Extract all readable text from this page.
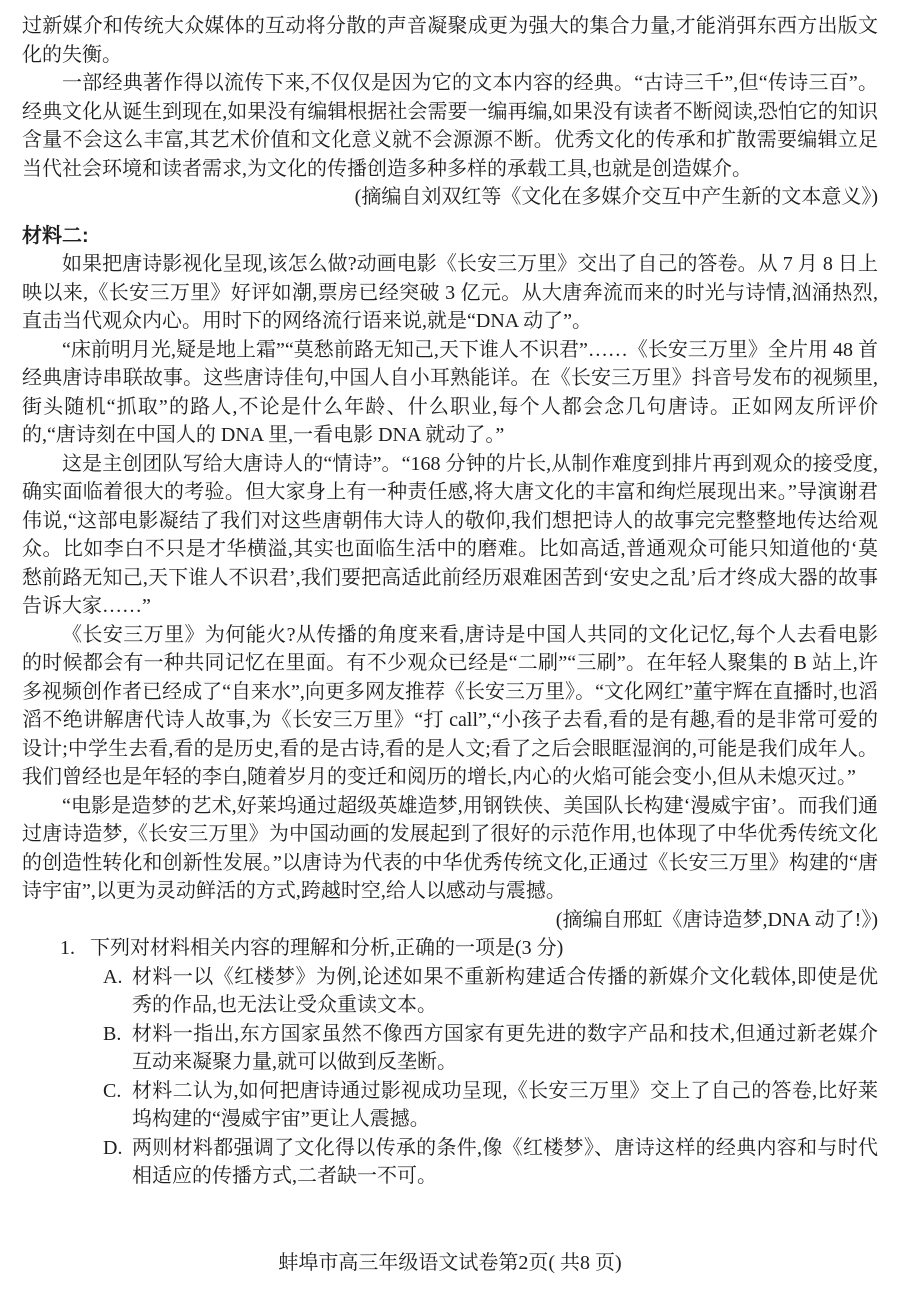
过新媒介和传统大众媒体的互动将分散的声音凝聚成更为强大的集合力量,才能消弭东西方出版文化的失衡。

一部经典著作得以流传下来,不仅仅是因为它的文本内容的经典。“古诗三千”,但“传诗三百”。经典文化从诞生到现在,如果没有编辑根据社会需要一编再编,如果没有读者不断阅读,恐怕它的知识含量不会这么丰富,其艺术价值和文化意义就不会源源不断。优秀文化的传承和扩散需要编辑立足当代社会环境和读者需求,为文化的传播创造多种多样的承载工具,也就是创造媒介。

(摘编自刘双红等《文化在多媒介交互中产生新的文本意义》)

材料二:

如果把唐诗影视化呈现,该怎么做?动画电影《长安三万里》交出了自己的答卷。从 7 月 8 日上映以来,《长安三万里》好评如潮,票房已经突破 3 亿元。从大唐奔流而来的时光与诗情,汹涌热烈,直击当代观众内心。用时下的网络流行语来说,就是“DNA 动了”。

“床前明月光,疑是地上霜”“莫愁前路无知己,天下谁人不识君”……《长安三万里》全片用 48 首经典唐诗串联故事。这些唐诗佳句,中国人自小耳熟能详。在《长安三万里》抖音号发布的视频里,街头随机“抓取”的路人,不论是什么年龄、什么职业,每个人都会念几句唐诗。正如网友所评价的,“唐诗刻在中国人的 DNA 里,一看电影 DNA 就动了。”

这是主创团队写给大唐诗人的“情诗”。“168 分钟的片长,从制作难度到排片再到观众的接受度,确实面临着很大的考验。但大家身上有一种责任感,将大唐文化的丰富和绚烂展现出来。”导演谢君伟说,“这部电影凝结了我们对这些唐朝伟大诗人的敬仰,我们想把诗人的故事完完整整地传达给观众。比如李白不只是才华横溢,其实也面临生活中的磨难。比如高适,普通观众可能只知道他的‘莫愁前路无知己,天下谁人不识君’,我们要把高适此前经历艰难困苦到‘安史之乱’后才终成大器的故事告诉大家……”

《长安三万里》为何能火?从传播的角度来看,唐诗是中国人共同的文化记忆,每个人去看电影的时候都会有一种共同记忆在里面。有不少观众已经是“二刷”“三刷”。在年轻人聚集的 B 站上,许多视频创作者已经成了“自来水”,向更多网友推荐《长安三万里》。“文化网红”董宇辉在直播时,也滔滔不绝讲解唐代诗人故事,为《长安三万里》“打 call”,“小孩子去看,看的是有趣,看的是非常可爱的设计;中学生去看,看的是历史,看的是古诗,看的是人文;看了之后会眼眶湿润的,可能是我们成年人。我们曾经也是年轻的李白,随着岁月的变迁和阅历的增长,内心的火焰可能会变小,但从未熄灭过。”

“电影是造梦的艺术,好莱坞通过超级英雄造梦,用钢铁侠、美国队长构建‘漫威宇宙’。而我们通过唐诗造梦,《长安三万里》为中国动画的发展起到了很好的示范作用,也体现了中华优秀传统文化的创造性转化和创新性发展。”以唐诗为代表的中华优秀传统文化,正通过《长安三万里》构建的“唐诗宇宙”,以更为灵动鲜活的方式,跨越时空,给人以感动与震撼。

(摘编自邢虹《唐诗造梦,DNA 动了!》)

1. 下列对材料相关内容的理解和分析,正确的一项是(3 分)
A. 材料一以《红楼梦》为例,论述如果不重新构建适合传播的新媒介文化载体,即使是优秀的作品,也无法让受众重读文本。
B. 材料一指出,东方国家虽然不像西方国家有更先进的数字产品和技术,但通过新老媒介互动来凝聚力量,就可以做到反垄断。
C. 材料二认为,如何把唐诗通过影视成功呈现,《长安三万里》交上了自己的答卷,比好莱坞构建的“漫威宇宙”更让人震撼。
D. 两则材料都强调了文化得以传承的条件,像《红楼梦》、唐诗这样的经典内容和与时代相适应的传播方式,二者缺一不可。
蚌埠市高三年级语文试卷第2页( 共8 页)
